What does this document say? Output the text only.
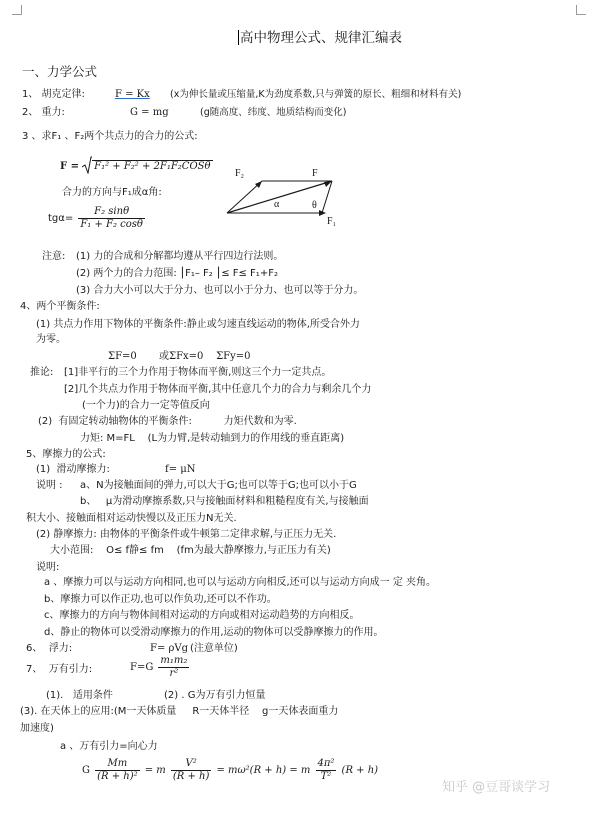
高中物理公式、规律汇编表
一、力学公式
1、 胡克定律:	F = Kx (x为伸长量或压缩量,K为劲度系数,只与弹簧的原长、粗细和材料有关)
2、 重力:	G = mg	(g随高度、纬度、地质结构而变化)
3 、求F₁ 、F₂两个共点力的合力的公式:
F = F₁² + F₂² + 2F₁F₂COSθ
合力的方向与F₁成α角:
$tg\alpha= \frac{\text{F₂ sinθ}}{\text{F₁ + F₂ cosθ}}$
F₂	F
α	θ
F₁
注意: (1) 力的合成和分解都均遵从平行四边行法则。
(2) 两个力的合力范围: ⎮F₁– F₂ ⎮≤ F≤ F₁+F₂
(3) 合力大小可以大于分力、也可以小于分力、也可以等于分力。
4、两个平衡条件:
(1) 共点力作用下物体的平衡条件:静止或匀速直线运动的物体,所受合外力
为零。
ΣF=0       或ΣFx=0    ΣFy=0
推论: [1]非平行的三个力作用于物体而平衡,则这三个力一定共点。
[2]几个共点力作用于物体而平衡,其中任意几个力的合力与剩余几个力
(一个力)的合力一定等值反向
(2)  有固定转动轴物体的平衡条件:          力矩代数和为零.
力矩: M=FL    (L为力臂,是转动轴到力的作用线的垂直距离)
5、摩擦力的公式:
(1)  滑动摩擦力:	f= μN
说明 : a、N为接触面间的弹力,可以大于G;也可以等于G;也可以小于G
b、   μ为滑动摩擦系数,只与接触面材料和粗糙程度有关,与接触面
积大小、接触面相对运动快慢以及正压力N无关.
(2) 静摩擦力: 由物体的平衡条件或牛顿第二定律求解,与正压力无关.
大小范围:    O≤ f静≤ fm    (fm为最大静摩擦力,与正压力有关)
说明:
a 、摩擦力可以与运动方向相同,也可以与运动方向相反,还可以与运动方向成一 定 夹角。
b、摩擦力可以作正功,也可以作负功,还可以不作功。
c、摩擦力的方向与物体间相对运动的方向或相对运动趋势的方向相反。
d、静止的物体可以受滑动摩擦力的作用,运动的物体可以受静摩擦力的作用。
6、  浮力:	F= ρVg (注意单位)
7、  万有引力:	$F=G \frac{\text{m₁m₂}}{\text{r²}}$
(1).   适用条件	(2) . G为万有引力恒量
(3). 在天体上的应用:(M一天体质量     R一天体半径    g一天体表面重力
加速度)
a 、万有引力=向心力
G $\frac{Mm}{\text{(R + h)²}} = m \frac{\text{V²}}{(R + h)} = m\omega^2(R + h) = m \frac{\text{4π²}}{\text{T²}} (R + h)$
知乎 @豆哥谈学习
